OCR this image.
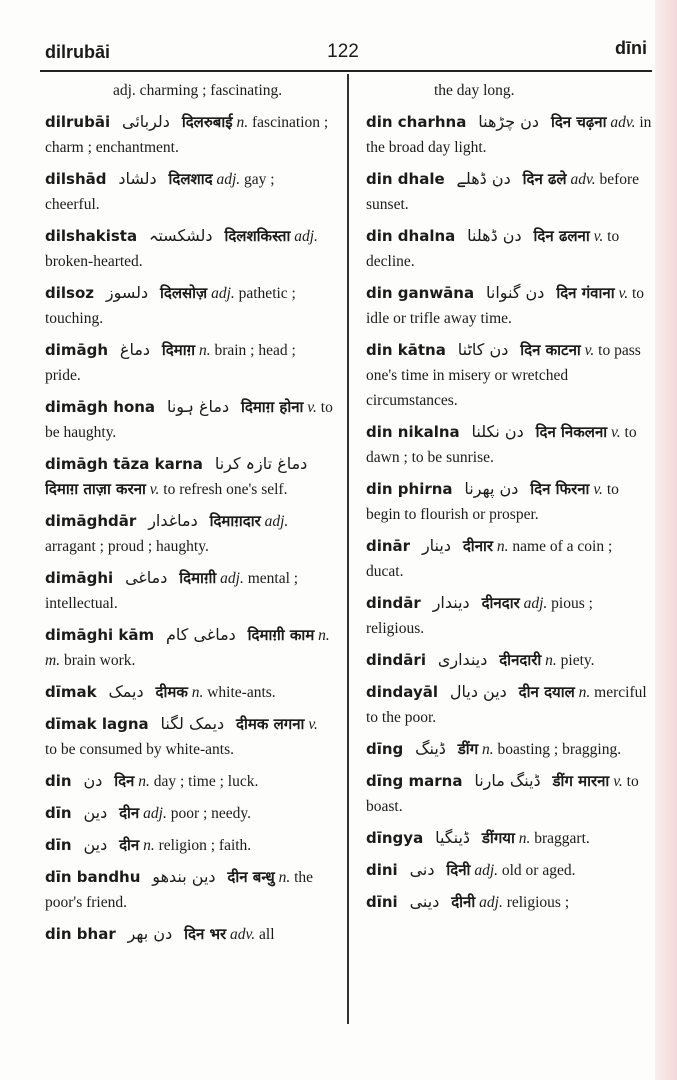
dilrubāi	122	dīni
adj. charming ; fascinating.
dilrubāi دلربائی दिलरुबाई n. fascination ; charm ; enchantment.
dilshād دلشاد दिलशाद adj. gay ; cheerful.
dilshakista دلشکستہ दिलशकिस्ता adj. broken-hearted.
dilsoz دلسوز दिलसोज़ adj. pathetic ; touching.
dimāgh دماغ दिमाग़ n. brain ; head ; pride.
dimāgh hona دماغ ہونا दिमाग़ होना v. to be haughty.
dimāgh tāza karna دماغ تازہ کرنا दिमाग़ ताज़ा करना v. to refresh one's self.
dimāghdār دماغدار दिमाग़दार adj. arragant ; proud ; haughty.
dimāghi دماغی दिमाग़ी adj. mental ; intellectual.
dimāghi kām دماغی کام दिमाग़ी काम n. m. brain work.
dīmak دیمک दीमक n. white-ants.
dīmak lagna دیمک لگنا दीमक लगना v. to be consumed by white-ants.
din دن दिन n. day ; time ; luck.
dīn دین दीन adj. poor ; needy.
dīn دین दीन n. religion ; faith.
dīn bandhu دین بندھو दीन बन्धु n. the poor's friend.
din bhar دن بھر दिन भर adv. all
the day long.
din charhna دن چڑھنا दिन चढ़ना adv. in the broad day light.
din dhale دن ڈھلے दिन ढले adv. before sunset.
din dhalna دن ڈھلنا दिन ढलना v. to decline.
din ganwāna دن گنوانا दिन गंवाना v. to idle or trifle away time.
din kātna دن کاٹنا दिन काटना v. to pass one's time in misery or wretched circumstances.
din nikalna دن نکلنا दिन निकलना v. to dawn ; to be sunrise.
din phirna دن پھرنا दिन फिरना v. to begin to flourish or prosper.
dinār دینار दीनार n. name of a coin ; ducat.
dindār دیندار दीनदार adj. pious ; religious.
dindāri دینداری दीनदारी n. piety.
dindayāl دین دیال दीन दयाल n. merciful to the poor.
dīng ڈینگ डींग n. boasting ; bragging.
dīng marna ڈینگ مارنا डींग मारना v. to boast.
dīngya ڈینگیا डींगया n. braggart.
dini دنی दिनी adj. old or aged.
dīni دینی दीनी adj. religious ;
